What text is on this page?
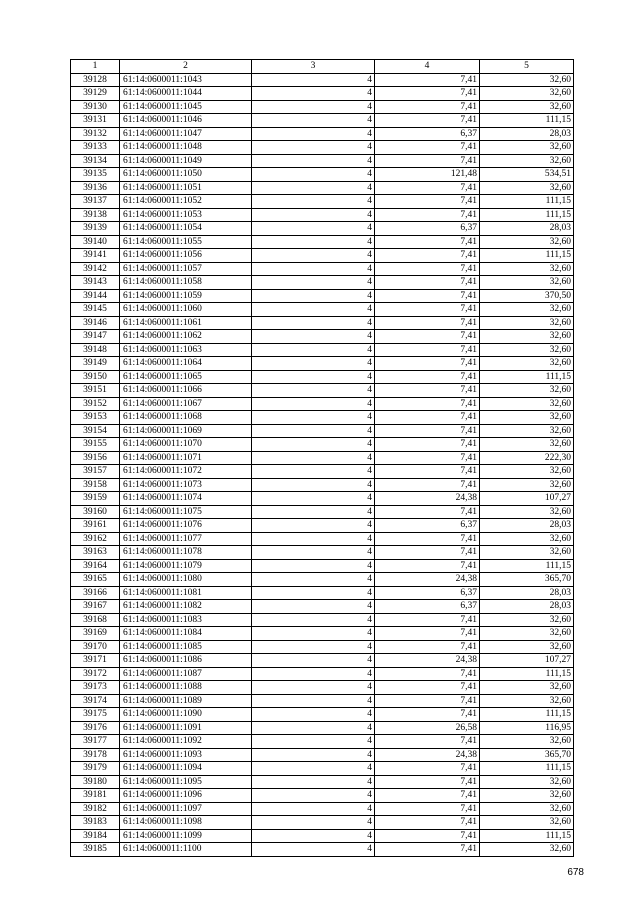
1	2	3	4	5
39128	61:14:0600011:1043	4	7,41	32,60
39129	61:14:0600011:1044	4	7,41	32,60
39130	61:14:0600011:1045	4	7,41	32,60
39131	61:14:0600011:1046	4	7,41	111,15
39132	61:14:0600011:1047	4	6,37	28,03
39133	61:14:0600011:1048	4	7,41	32,60
39134	61:14:0600011:1049	4	7,41	32,60
39135	61:14:0600011:1050	4	121,48	534,51
39136	61:14:0600011:1051	4	7,41	32,60
39137	61:14:0600011:1052	4	7,41	111,15
39138	61:14:0600011:1053	4	7,41	111,15
39139	61:14:0600011:1054	4	6,37	28,03
39140	61:14:0600011:1055	4	7,41	32,60
39141	61:14:0600011:1056	4	7,41	111,15
39142	61:14:0600011:1057	4	7,41	32,60
39143	61:14:0600011:1058	4	7,41	32,60
39144	61:14:0600011:1059	4	7,41	370,50
39145	61:14:0600011:1060	4	7,41	32,60
39146	61:14:0600011:1061	4	7,41	32,60
39147	61:14:0600011:1062	4	7,41	32,60
39148	61:14:0600011:1063	4	7,41	32,60
39149	61:14:0600011:1064	4	7,41	32,60
39150	61:14:0600011:1065	4	7,41	111,15
39151	61:14:0600011:1066	4	7,41	32,60
39152	61:14:0600011:1067	4	7,41	32,60
39153	61:14:0600011:1068	4	7,41	32,60
39154	61:14:0600011:1069	4	7,41	32,60
39155	61:14:0600011:1070	4	7,41	32,60
39156	61:14:0600011:1071	4	7,41	222,30
39157	61:14:0600011:1072	4	7,41	32,60
39158	61:14:0600011:1073	4	7,41	32,60
39159	61:14:0600011:1074	4	24,38	107,27
39160	61:14:0600011:1075	4	7,41	32,60
39161	61:14:0600011:1076	4	6,37	28,03
39162	61:14:0600011:1077	4	7,41	32,60
39163	61:14:0600011:1078	4	7,41	32,60
39164	61:14:0600011:1079	4	7,41	111,15
39165	61:14:0600011:1080	4	24,38	365,70
39166	61:14:0600011:1081	4	6,37	28,03
39167	61:14:0600011:1082	4	6,37	28,03
39168	61:14:0600011:1083	4	7,41	32,60
39169	61:14:0600011:1084	4	7,41	32,60
39170	61:14:0600011:1085	4	7,41	32,60
39171	61:14:0600011:1086	4	24,38	107,27
39172	61:14:0600011:1087	4	7,41	111,15
39173	61:14:0600011:1088	4	7,41	32,60
39174	61:14:0600011:1089	4	7,41	32,60
39175	61:14:0600011:1090	4	7,41	111,15
39176	61:14:0600011:1091	4	26,58	116,95
39177	61:14:0600011:1092	4	7,41	32,60
39178	61:14:0600011:1093	4	24,38	365,70
39179	61:14:0600011:1094	4	7,41	111,15
39180	61:14:0600011:1095	4	7,41	32,60
39181	61:14:0600011:1096	4	7,41	32,60
39182	61:14:0600011:1097	4	7,41	32,60
39183	61:14:0600011:1098	4	7,41	32,60
39184	61:14:0600011:1099	4	7,41	111,15
39185	61:14:0600011:1100	4	7,41	32,60
678
